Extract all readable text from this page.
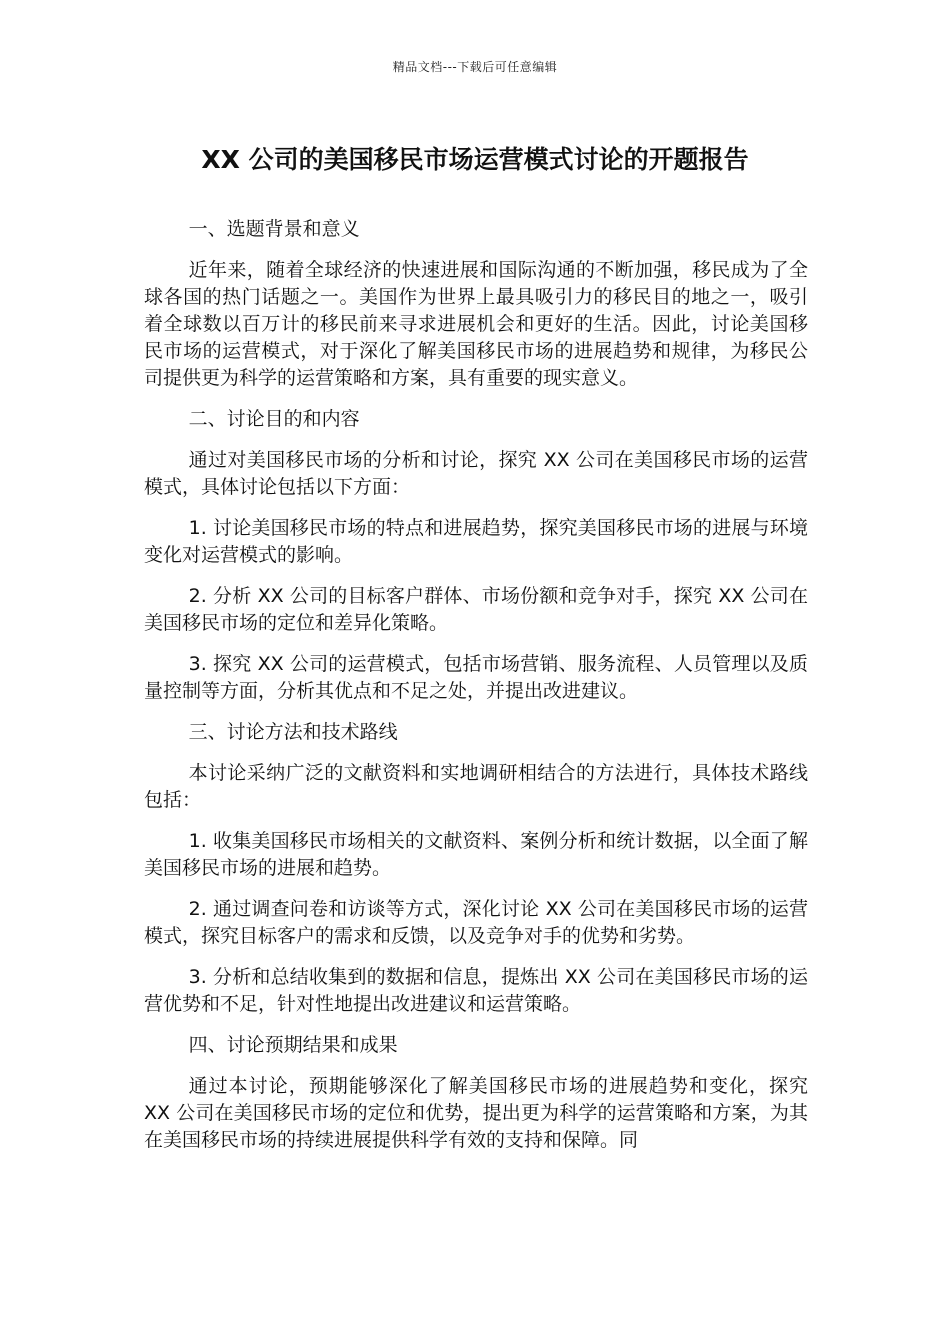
精品文档---下载后可任意编辑
XX 公司的美国移民市场运营模式讨论的开题报告
一、选题背景和意义

近年来，随着全球经济的快速进展和国际沟通的不断加强，移民成为了全球各国的热门话题之一。美国作为世界上最具吸引力的移民目的地之一，吸引着全球数以百万计的移民前来寻求进展机会和更好的生活。因此，讨论美国移民市场的运营模式，对于深化了解美国移民市场的进展趋势和规律，为移民公司提供更为科学的运营策略和方案，具有重要的现实意义。

二、讨论目的和内容

通过对美国移民市场的分析和讨论，探究 XX 公司在美国移民市场的运营模式，具体讨论包括以下方面：

1. 讨论美国移民市场的特点和进展趋势，探究美国移民市场的进展与环境变化对运营模式的影响。

2. 分析 XX 公司的目标客户群体、市场份额和竞争对手，探究 XX 公司在美国移民市场的定位和差异化策略。

3. 探究 XX 公司的运营模式，包括市场营销、服务流程、人员管理以及质量控制等方面，分析其优点和不足之处，并提出改进建议。

三、讨论方法和技术路线

本讨论采纳广泛的文献资料和实地调研相结合的方法进行，具体技术路线包括：

1. 收集美国移民市场相关的文献资料、案例分析和统计数据，以全面了解美国移民市场的进展和趋势。

2. 通过调查问卷和访谈等方式，深化讨论 XX 公司在美国移民市场的运营模式，探究目标客户的需求和反馈，以及竞争对手的优势和劣势。

3. 分析和总结收集到的数据和信息，提炼出 XX 公司在美国移民市场的运营优势和不足，针对性地提出改进建议和运营策略。

四、讨论预期结果和成果

通过本讨论，预期能够深化了解美国移民市场的进展趋势和变化，探究 XX 公司在美国移民市场的定位和优势，提出更为科学的运营策略和方案，为其在美国移民市场的持续进展提供科学有效的支持和保障。同
